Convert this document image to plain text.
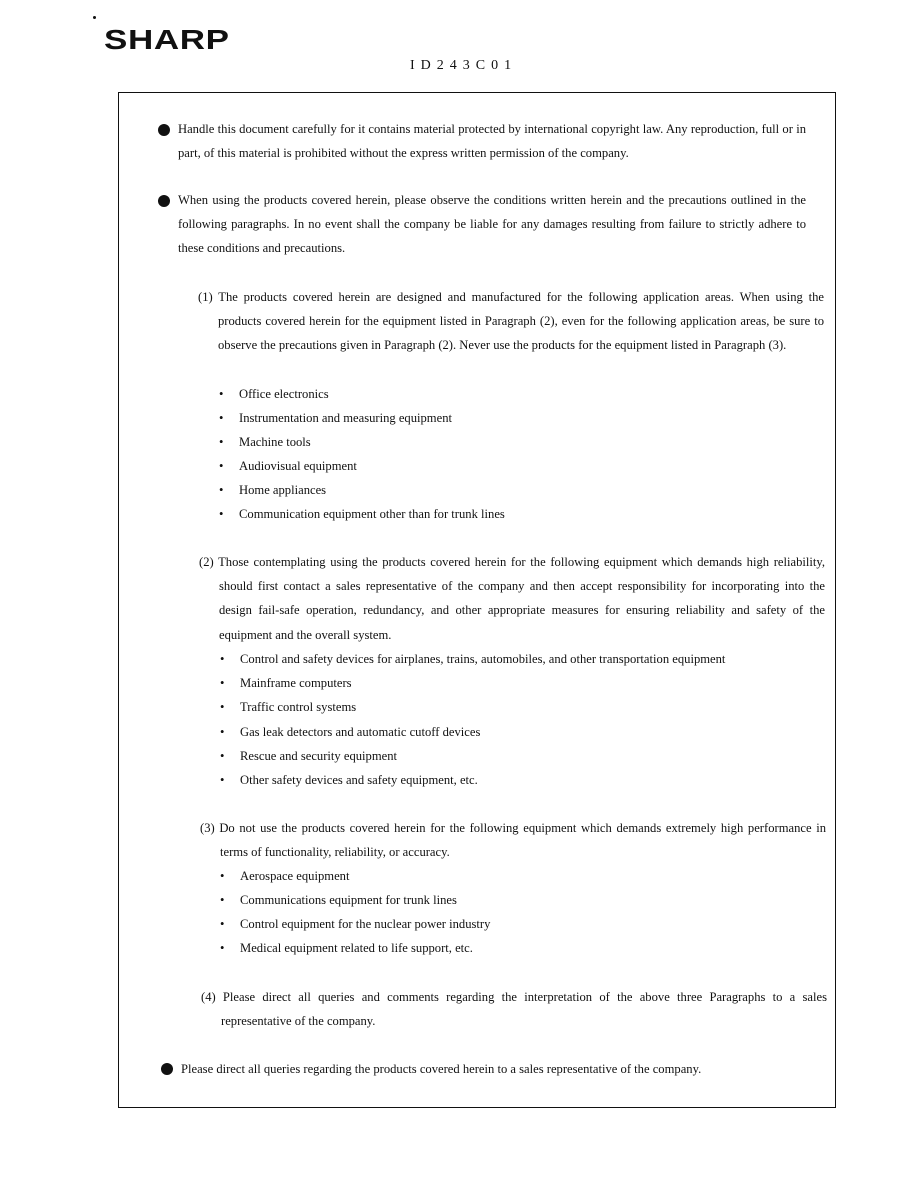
SHARP
ID243C01
Handle this document carefully for it contains material protected by international copyright law. Any reproduction, full or in part, of this material is prohibited without the express written permission of the company.
When using the products covered herein, please observe the conditions written herein and the precautions outlined in the following paragraphs. In no event shall the company be liable for any damages resulting from failure to strictly adhere to these conditions and precautions.
(1) The products covered herein are designed and manufactured for the following application areas. When using the products covered herein for the equipment listed in Paragraph (2), even for the following application areas, be sure to observe the precautions given in Paragraph (2). Never use the products for the equipment listed in Paragraph (3).
• Office electronics
• Instrumentation and measuring equipment
• Machine tools
• Audiovisual equipment
• Home appliances
• Communication equipment other than for trunk lines
(2) Those contemplating using the products covered herein for the following equipment which demands high reliability, should first contact a sales representative of the company and then accept responsibility for incorporating into the design fail-safe operation, redundancy, and other appropriate measures for ensuring reliability and safety of the equipment and the overall system.
• Control and safety devices for airplanes, trains, automobiles, and other transportation equipment
• Mainframe computers
• Traffic control systems
• Gas leak detectors and automatic cutoff devices
• Rescue and security equipment
• Other safety devices and safety equipment, etc.
(3) Do not use the products covered herein for the following equipment which demands extremely high performance in terms of functionality, reliability, or accuracy.
• Aerospace equipment
• Communications equipment for trunk lines
• Control equipment for the nuclear power industry
• Medical equipment related to life support, etc.
(4) Please direct all queries and comments regarding the interpretation of the above three Paragraphs to a sales representative of the company.
Please direct all queries regarding the products covered herein to a sales representative of the company.
